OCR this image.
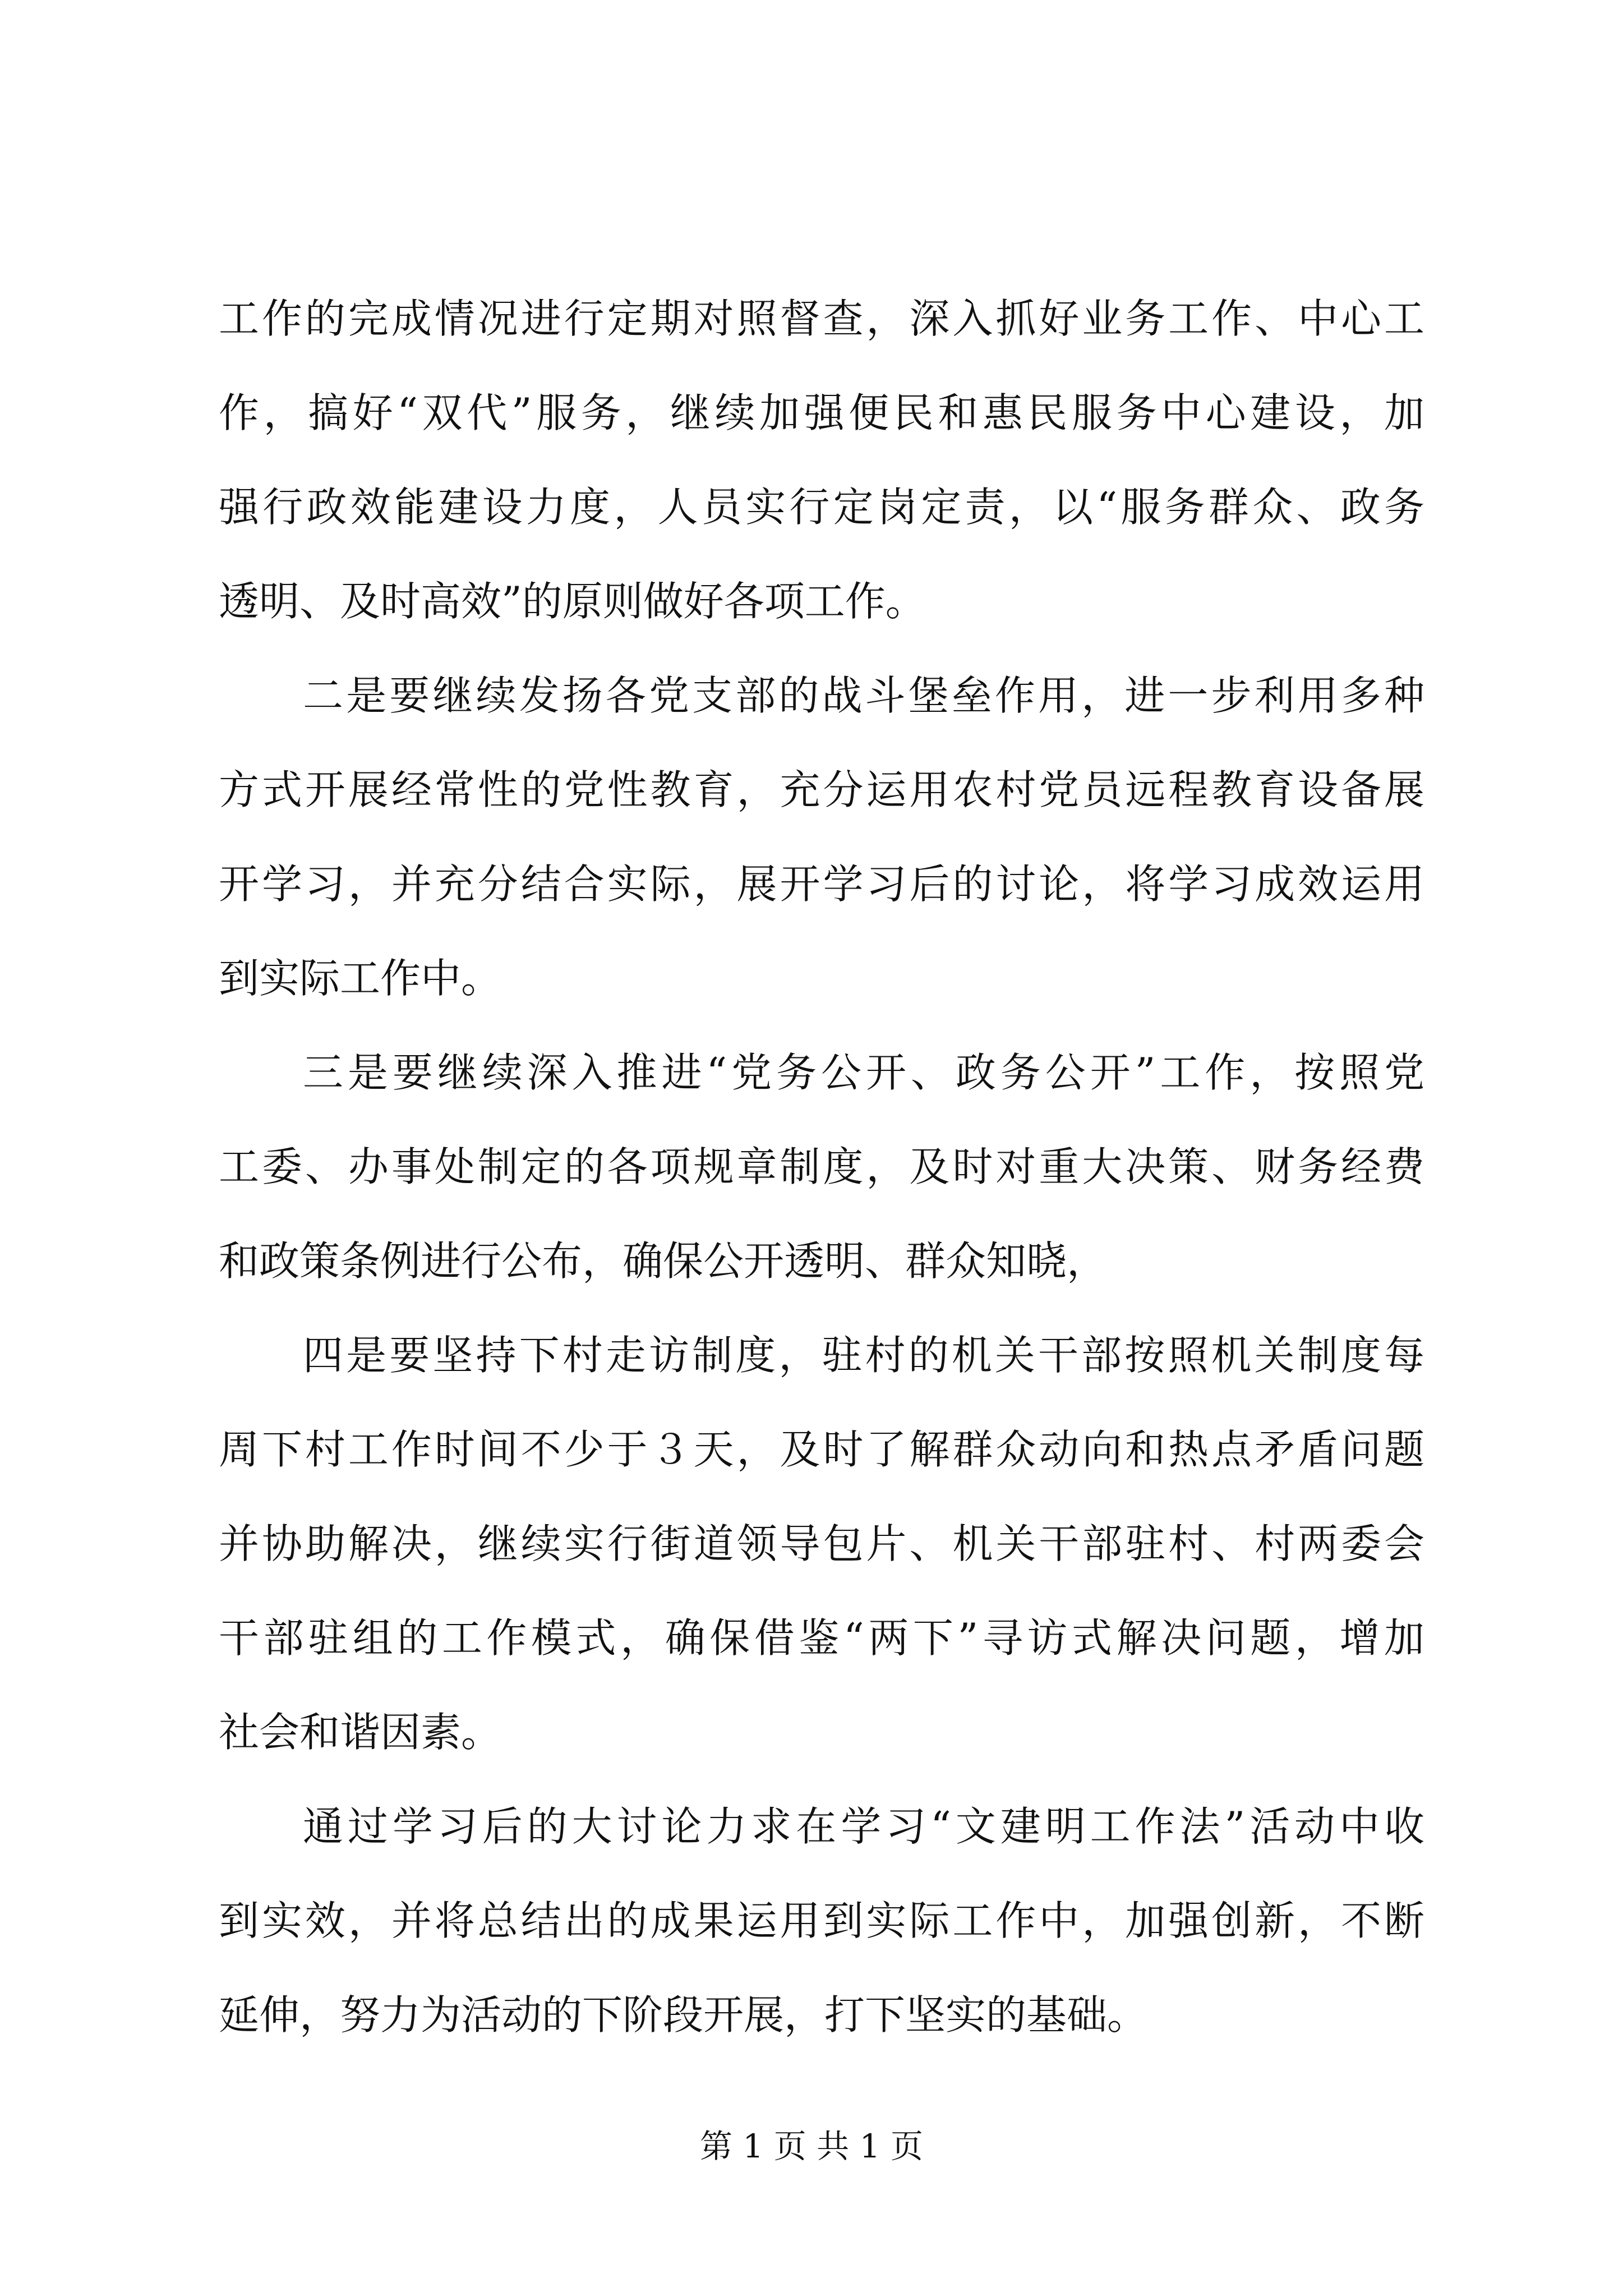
工作的完成情况进行定期对照督查，深入抓好业务工作、中心工
作，搞好“双代”服务，继续加强便民和惠民服务中心建设，加
强行政效能建设力度，人员实行定岗定责，以“服务群众、政务
透明、及时高效”的原则做好各项工作。
二是要继续发扬各党支部的战斗堡垒作用，进一步利用多种
方式开展经常性的党性教育，充分运用农村党员远程教育设备展
开学习，并充分结合实际，展开学习后的讨论，将学习成效运用
到实际工作中。
三是要继续深入推进“党务公开、政务公开”工作，按照党
工委、办事处制定的各项规章制度，及时对重大决策、财务经费
和政策条例进行公布，确保公开透明、群众知晓，
四是要坚持下村走访制度，驻村的机关干部按照机关制度每
周下村工作时间不少于３天，及时了解群众动向和热点矛盾问题
并协助解决，继续实行街道领导包片、机关干部驻村、村两委会
干部驻组的工作模式，确保借鉴“两下”寻访式解决问题，增加
社会和谐因素。
通过学习后的大讨论力求在学习“文建明工作法”活动中收
到实效，并将总结出的成果运用到实际工作中，加强创新，不断
延伸，努力为活动的下阶段开展，打下坚实的基础。
第 1 页 共 1 页
